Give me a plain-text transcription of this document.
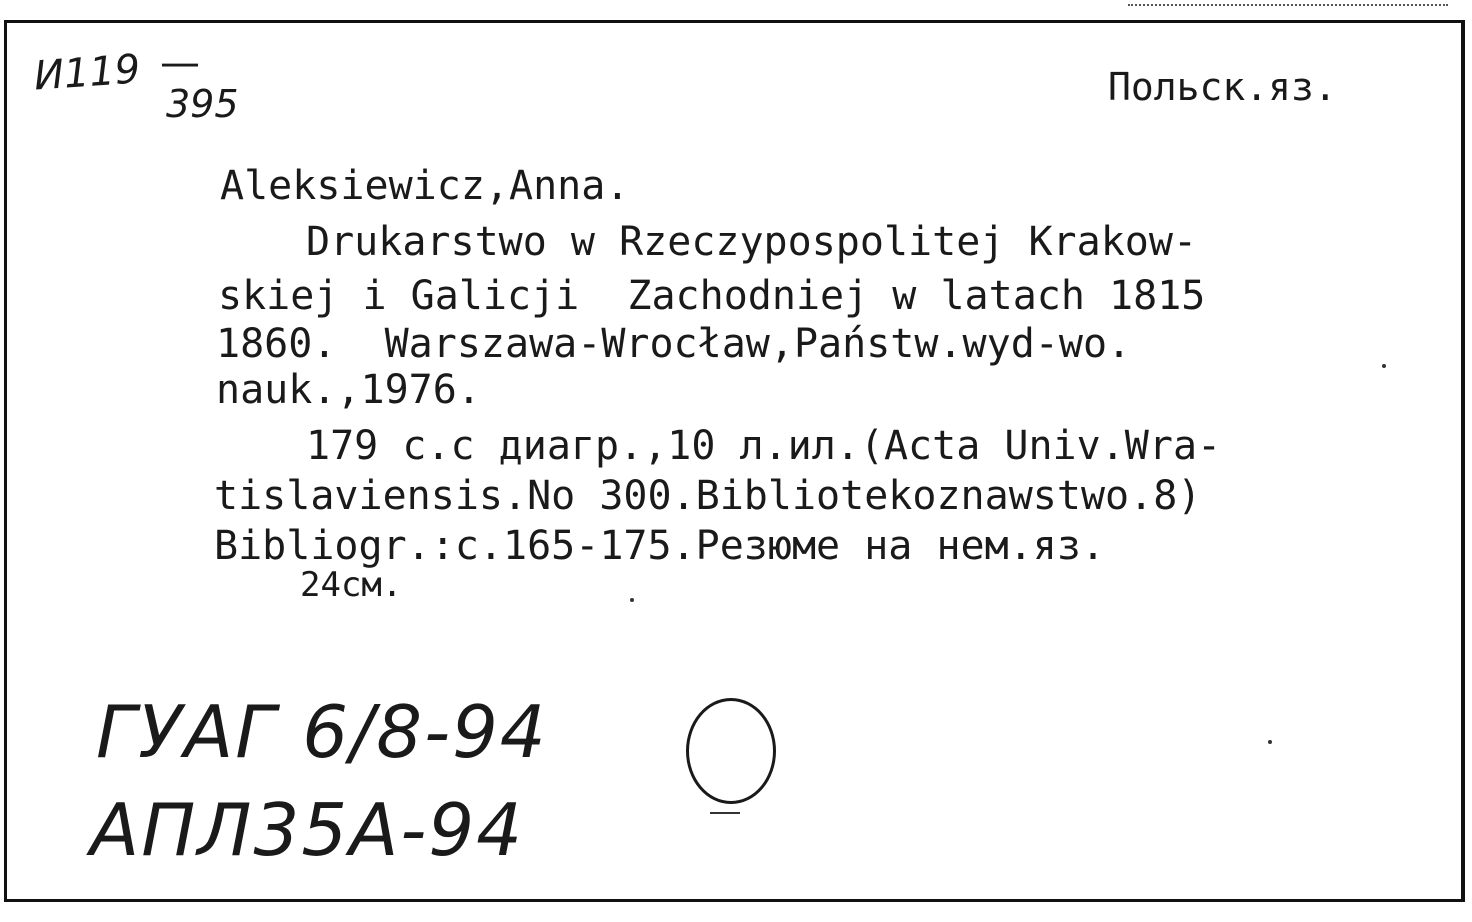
И119 —
395	Польск.яз.
Aleksiewicz,Anna.
Drukarstwo w Rzeczypospolitej Krakow-
skiej i Galicji  Zachodniej w latach 1815
1860.  Warszawa-Wrocław,Państw.wyd-wo.
nauk.,1976.
179 с.с диагр.,10 л.ил.(Acta Univ.Wra-
tislaviensis.No 300.Bibliotekoznawstwo.8)
Bibliogr.:с.165-175.Резюме на нем.яз.
24см.
ГУАГ 6/8-94
АПЛ35А-94
